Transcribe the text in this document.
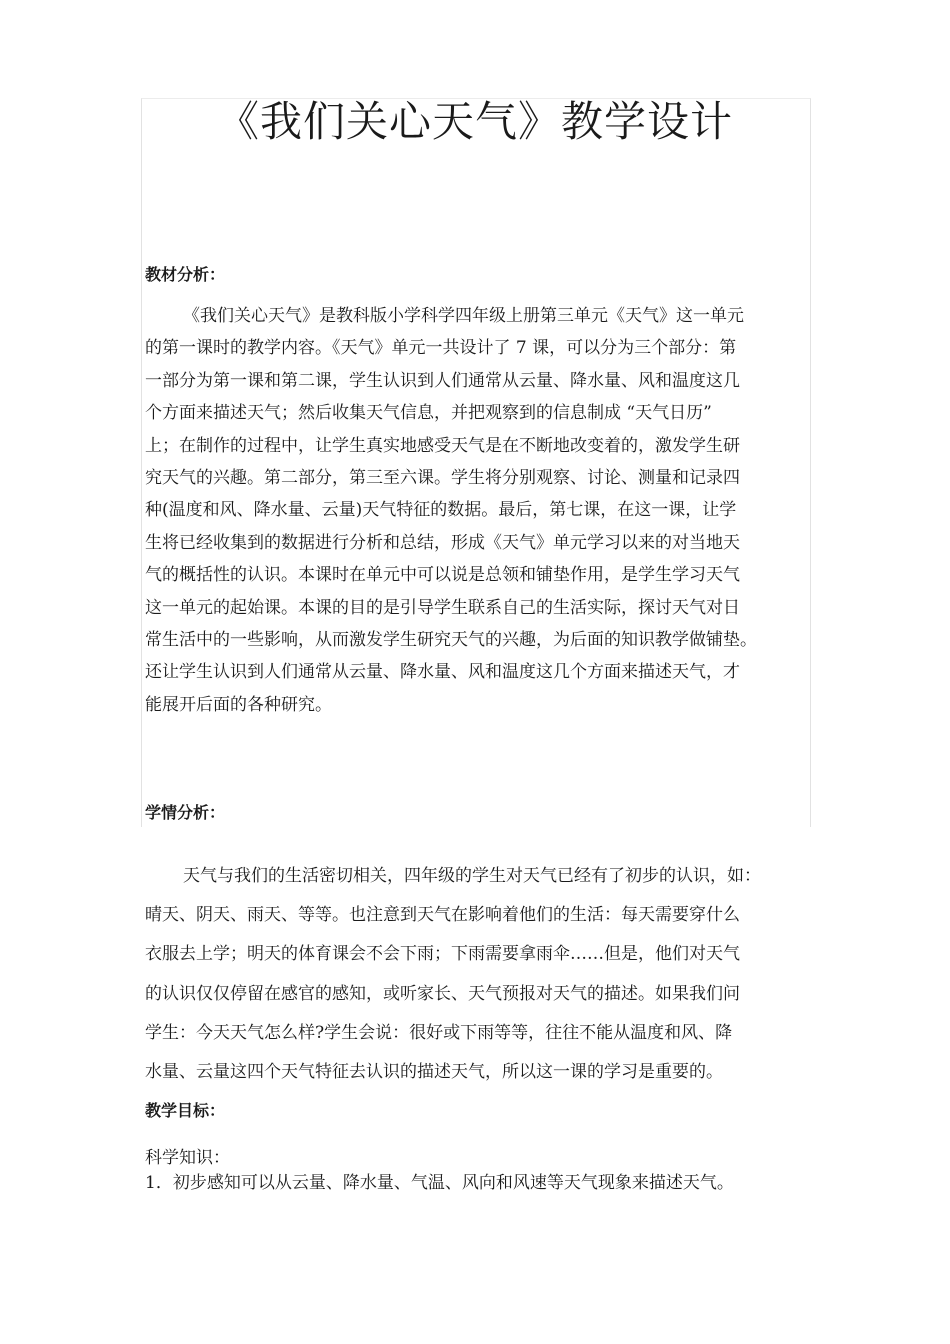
《我们关心天气》教学设计
教材分析：
《我们关心天气》是教科版小学科学四年级上册第三单元《天气》这一单元
的第一课时的教学内容。《天气》单元一共设计了 7 课，可以分为三个部分：第
一部分为第一课和第二课，学生认识到人们通常从云量、降水量、风和温度这几
个方面来描述天气；然后收集天气信息，并把观察到的信息制成 “天气日历”
上；在制作的过程中，让学生真实地感受天气是在不断地改变着的，激发学生研
究天气的兴趣。第二部分，第三至六课。学生将分别观察、讨论、测量和记录四
种(温度和风、降水量、云量)天气特征的数据。最后，第七课，在这一课，让学
生将已经收集到的数据进行分析和总结，形成《天气》单元学习以来的对当地天
气的概括性的认识。本课时在单元中可以说是总领和铺垫作用，是学生学习天气
这一单元的起始课。本课的目的是引导学生联系自己的生活实际，探讨天气对日
常生活中的一些影响，从而激发学生研究天气的兴趣，为后面的知识教学做铺垫。
还让学生认识到人们通常从云量、降水量、风和温度这几个方面来描述天气，才
能展开后面的各种研究。
学情分析：
天气与我们的生活密切相关，四年级的学生对天气已经有了初步的认识，如：
晴天、阴天、雨天、等等。也注意到天气在影响着他们的生活：每天需要穿什么
衣服去上学；明天的体育课会不会下雨；下雨需要拿雨伞……但是，他们对天气
的认识仅仅停留在感官的感知，或听家长、天气预报对天气的描述。如果我们问
学生：今天天气怎么样?学生会说：很好或下雨等等，往往不能从温度和风、降
水量、云量这四个天气特征去认识的描述天气，所以这一课的学习是重要的。
教学目标：

科学知识：

1．初步感知可以从云量、降水量、气温、风向和风速等天气现象来描述天气。
